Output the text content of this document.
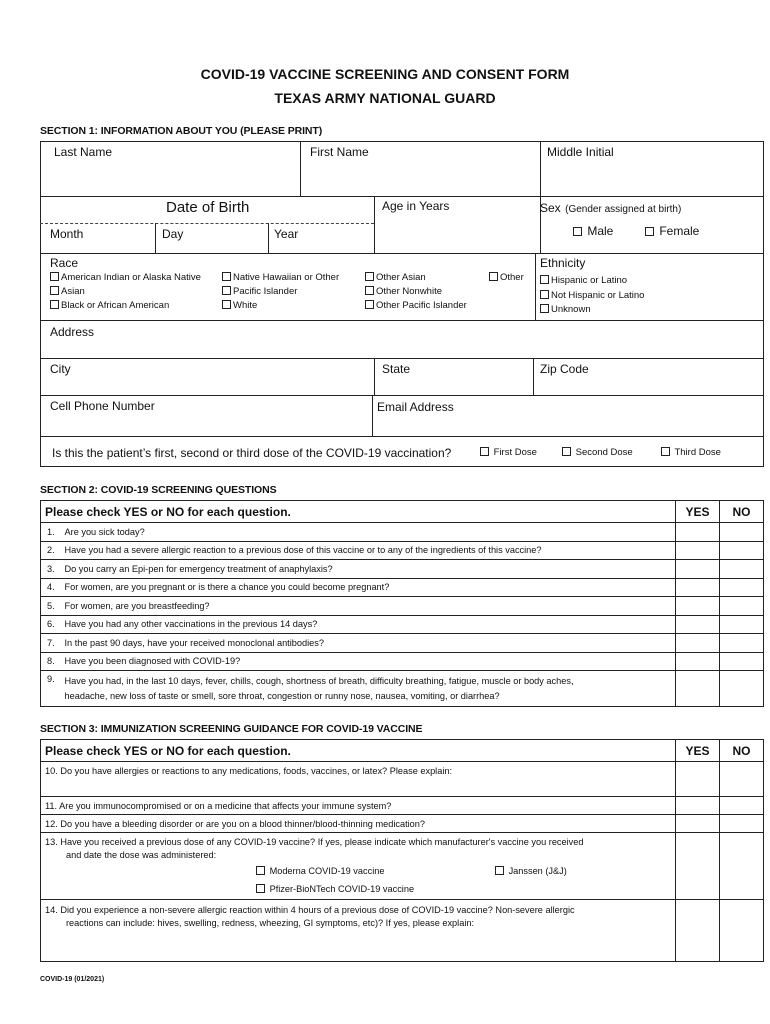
COVID-19 VACCINE SCREENING AND CONSENT FORM
TEXAS ARMY NATIONAL GUARD
SECTION 1: INFORMATION ABOUT YOU (PLEASE PRINT)
Last Name	First Name	Middle Initial
Date of Birth
Month	Day	Year
Age in Years	Sex (Gender assigned at birth)
Male	Female
Race
American Indian or Alaska Native
Asian
Black or African American
Native Hawaiian or Other
Pacific Islander
White
Other Asian
Other Nonwhite
Other Pacific Islander
Other
Ethnicity
Hispanic or Latino
Not Hispanic or Latino
Unknown
Address
City	State	Zip Code
Cell Phone Number	Email Address
Is this the patient’s first, second or third dose of the COVID-19 vaccination?	First Dose	Second Dose	Third Dose
SECTION 2: COVID-19 SCREENING QUESTIONS
Please check YES or NO for each question.		YES	NO
1.	Are you sick today?		

2.	Have you had a severe allergic reaction to a previous dose of this vaccine or to any of the ingredients of this vaccine?		

3.	Do you carry an Epi-pen for emergency treatment of anaphylaxis?		

4.	For women, are you pregnant or is there a chance you could become pregnant?		

5.	For women, are you breastfeeding?		

6.	Have you had any other vaccinations in the previous 14 days?		

7.	In the past 90 days, have your received monoclonal antibodies?		

8.	Have you been diagnosed with COVID-19?		

9.	Have you had, in the last 10 days, fever, chills, cough, shortness of breath, difficulty breathing, fatigue, muscle or body aches,
headache, new loss of taste or smell, sore throat, congestion or runny nose, nausea, vomiting, or diarrhea?		

SECTION 3: IMMUNIZATION SCREENING GUIDANCE FOR COVID-19 VACCINE
Please check YES or NO for each question.	YES	NO
10. Do you have allergies or reactions to any medications, foods, vaccines, or latex? Please explain:		
11. Are you immunocompromised or on a medicine that affects your immune system?		
12. Do you have a bleeding disorder or are you on a blood thinner/blood-thinning medication?		

13. Have you received a previous dose of any COVID-19 vaccine? If yes, please indicate which manufacturer's vaccine you received
and date the dose was administered:
Moderna COVID-19 vaccine Janssen (J&J)
Pfizer-BioNTech COVID-19 vaccine		

14. Did you experience a non-severe allergic reaction within 4 hours of a previous dose of COVID-19 vaccine? Non-severe allergic
reactions can include: hives, swelling, redness, wheezing, GI symptoms, etc)? If yes, please explain:		

COVID-19 (01/2021)
